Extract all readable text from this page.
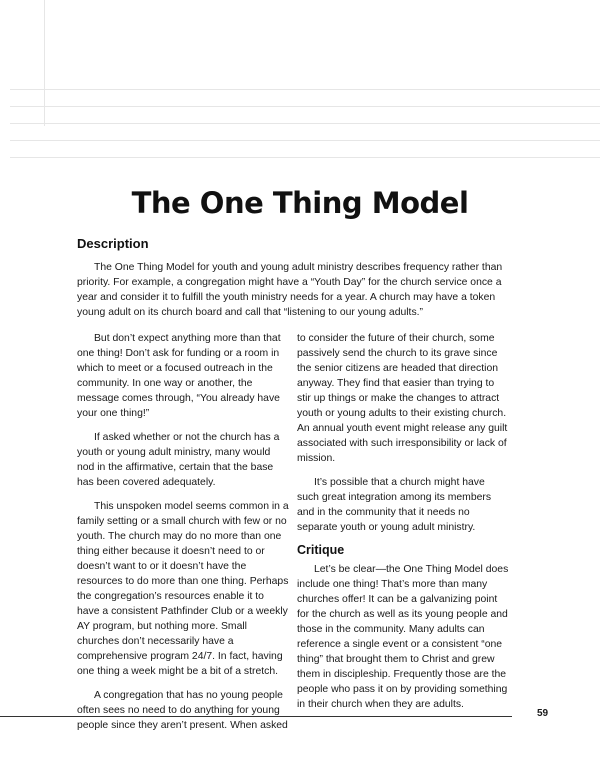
The One Thing Model
Description

The One Thing Model for youth and young adult ministry describes frequency rather than priority. For example, a congregation might have a “Youth Day” for the church service once a year and consider it to fulfill the youth ministry needs for a year. A church may have a token young adult on its church board and call that “listening to our young adults.”

But don’t expect anything more than that one thing! Don’t ask for funding or a room in which to meet or a focused outreach in the community. In one way or another, the message comes through, “You already have your one thing!”

If asked whether or not the church has a youth or young adult ministry, many would nod in the affirmative, certain that the base has been covered adequately.

This unspoken model seems common in a family setting or a small church with few or no youth. The church may do no more than one thing either because it doesn’t need to or doesn’t want to or it doesn’t have the resources to do more than one thing. Perhaps the congregation’s resources enable it to have a consistent Pathfinder Club or a weekly AY program, but nothing more. Small churches don’t necessarily have a comprehensive program 24/7. In fact, having one thing a week might be a bit of a stretch.

A congregation that has no young people often sees no need to do anything for young people since they aren’t present. When asked

to consider the future of their church, some passively send the church to its grave since the senior citizens are headed that direction anyway. They find that easier than trying to stir up things or make the changes to attract youth or young adults to their existing church. An annual youth event might release any guilt associated with such irresponsibility or lack of mission.

It’s possible that a church might have such great integration among its members and in the community that it needs no separate youth or young adult ministry.

Critique

Let’s be clear—the One Thing Model does include one thing! That’s more than many churches offer! It can be a galvanizing point for the church as well as its young people and those in the community. Many adults can reference a single event or a consistent “one thing” that brought them to Christ and grew them in discipleship. Frequently those are the people who pass it on by providing something in their church when they are adults.

59
